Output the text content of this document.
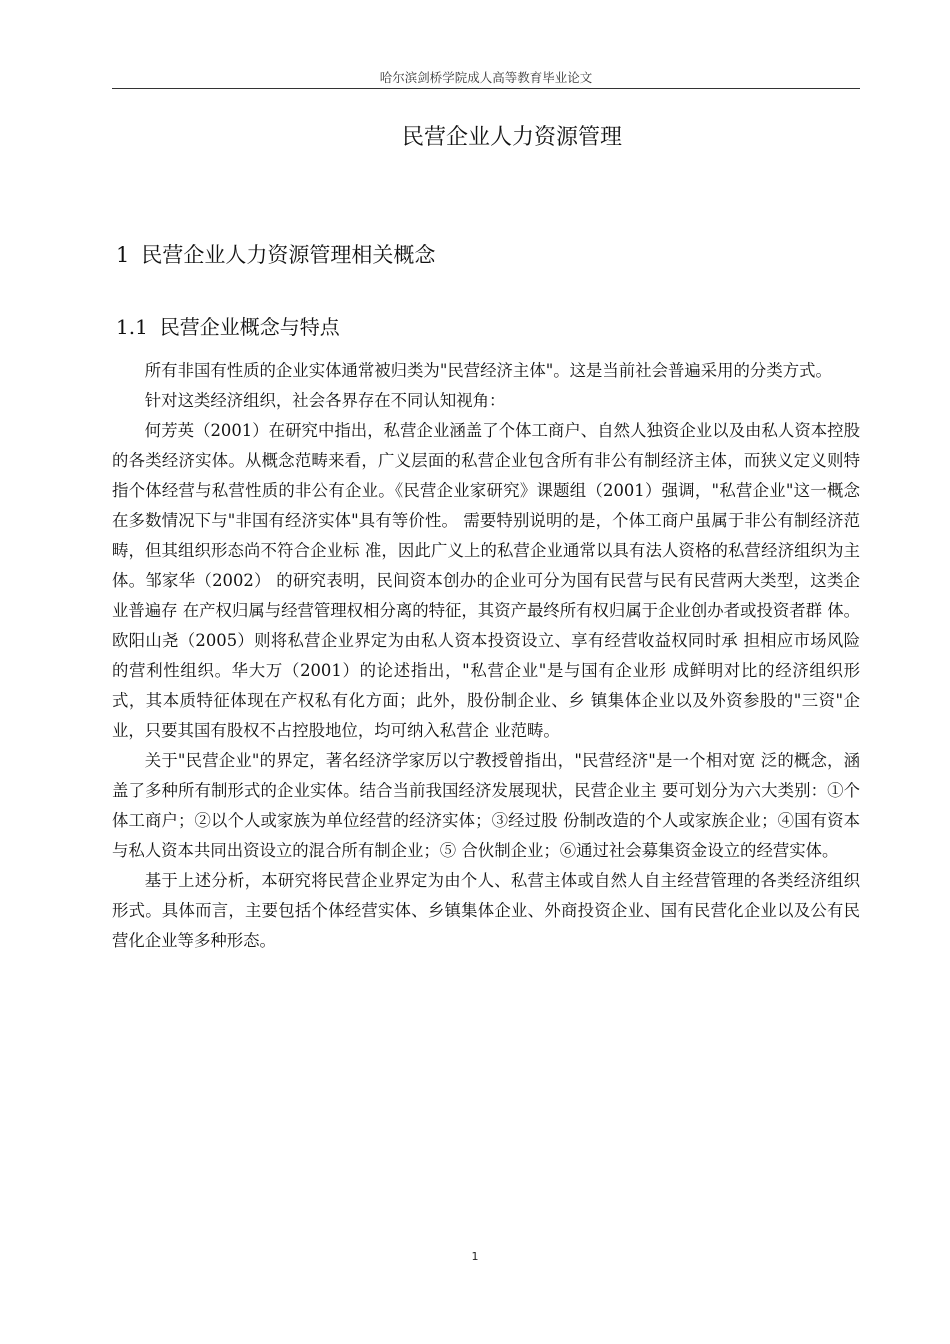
哈尔滨剑桥学院成人高等教育毕业论文
民营企业人力资源管理
1 民营企业人力资源管理相关概念
1.1 民营企业概念与特点

所有非国有性质的企业实体通常被归类为"民营经济主体"。这是当前社会普遍采用的分类方式。

针对这类经济组织，社会各界存在不同认知视角：

何芳英（2001）在研究中指出，私营企业涵盖了个体工商户、自然人独资企业以及由私人资本控股的各类经济实体。从概念范畴来看，广义层面的私营企业包含所有非公有制经济主体，而狭义定义则特指个体经营与私营性质的非公有企业。《民营企业家研究》课题组（2001）强调，"私营企业"这一概念在多数情况下与"非国有经济实体"具有等价性。 需要特别说明的是，个体工商户虽属于非公有制经济范畴，但其组织形态尚不符合企业标 准，因此广义上的私营企业通常以具有法人资格的私营经济组织为主体。邹家华（2002） 的研究表明，民间资本创办的企业可分为国有民营与民有民营两大类型，这类企业普遍存 在产权归属与经营管理权相分离的特征，其资产最终所有权归属于企业创办者或投资者群 体。欧阳山尧（2005）则将私营企业界定为由私人资本投资设立、享有经营收益权同时承 担相应市场风险的营利性组织。华大万（2001）的论述指出，"私营企业"是与国有企业形 成鲜明对比的经济组织形式，其本质特征体现在产权私有化方面；此外，股份制企业、乡 镇集体企业以及外资参股的"三资"企业，只要其国有股权不占控股地位，均可纳入私营企 业范畴。

关于"民营企业"的界定，著名经济学家厉以宁教授曾指出，"民营经济"是一个相对宽 泛的概念，涵盖了多种所有制形式的企业实体。结合当前我国经济发展现状，民营企业主 要可划分为六大类别：①个体工商户；②以个人或家族为单位经营的经济实体；③经过股 份制改造的个人或家族企业；④国有资本与私人资本共同出资设立的混合所有制企业；⑤ 合伙制企业；⑥通过社会募集资金设立的经营实体。

基于上述分析，本研究将民营企业界定为由个人、私营主体或自然人自主经营管理的各类经济组织形式。具体而言，主要包括个体经营实体、乡镇集体企业、外商投资企业、国有民营化企业以及公有民营化企业等多种形态。

1
